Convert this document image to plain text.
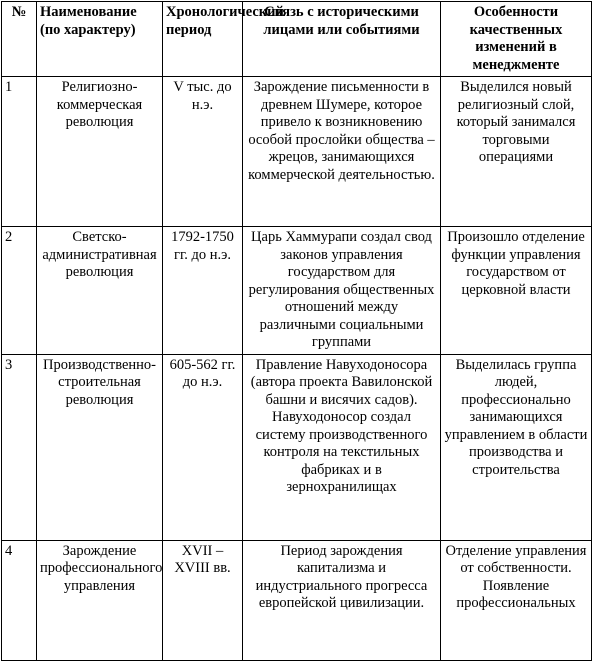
№	Наименование (по характеру)	Хронологический период	Связь с историческими лицами или событиями	Особенности качественных изменений в менеджменте
1	Религиозно-коммерческая революция	V тыс. до н.э.	Зарождение письменности в древнем Шумере, которое привело к возникновению особой прослойки общества – жрецов, занимающихся коммерческой деятельностью.	Выделился новый религиозный слой, который занимался торговыми операциями
2	Светско-административная революция	1792-1750 гг. до н.э.	Царь Хаммурапи создал свод законов управления государством для регулирования общественных отношений между различными социальными группами	Произошло отделение функции управления государством от церковной власти
3	Производственно-строительная революция	605-562 гг. до н.э.	Правление Навуходоносора (автора проекта Вавилонской башни и висячих садов). Навуходоносор создал систему производственного контроля на текстильных фабриках и в зернохранилищах	Выделилась группа людей, профессионально занимающихся управлением в области производства и строительства
4	Зарождение профессионального управления	XVII – XVIII вв.	Период зарождения капитализма и индустриального прогресса европейской цивилизации.	Отделение управления от собственности. Появление профессиональных
